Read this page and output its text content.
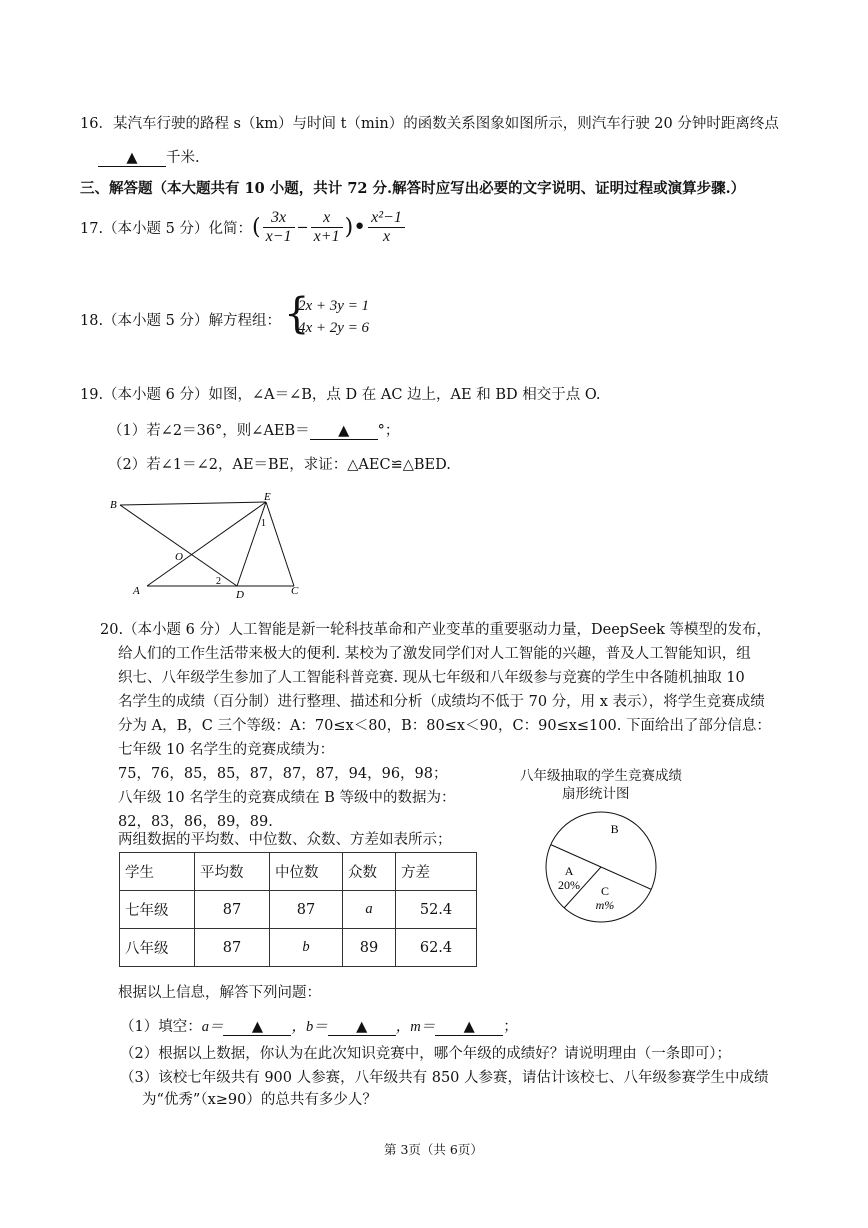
16．某汽车行驶的路程 s（km）与时间 t（min）的函数关系图象如图所示，则汽车行驶 20 分钟时距离终点
▲ 千米.
三、解答题（本大题共有 10 小题，共计 72 分.解答时应写出必要的文字说明、证明过程或演算步骤.）
17.（本小题 5 分）化简： ( $\frac{3x}{x-1} - \frac{x}{x+1}$ )• $\frac{\text{x²−1}}{x}$
18.（本小题 5 分）解方程组： {
2x + 3y = 1
4x + 2y = 6
19.（本小题 6 分）如图，∠A＝∠B，点 D 在 AC 边上，AE 和 BD 相交于点 O.
（1）若∠2＝36°，则∠AEB＝ ▲ °；
（2）若∠1＝∠2，AE＝BE，求证：△AEC≌△BED.
B
E
A	D	C
O
1
2
20.（本小题 6 分）人工智能是新一轮科技革命和产业变革的重要驱动力量，DeepSeek 等模型的发布，
给人们的工作生活带来极大的便利. 某校为了激发同学们对人工智能的兴趣，普及人工智能知识，组
织七、八年级学生参加了人工智能科普竞赛. 现从七年级和八年级参与竞赛的学生中各随机抽取 10
名学生的成绩（百分制）进行整理、描述和分析（成绩均不低于 70 分，用 x 表示），将学生竞赛成绩
分为 A，B，C 三个等级：A：70≤x＜80，B：80≤x＜90，C：90≤x≤100. 下面给出了部分信息：
七年级 10 名学生的竞赛成绩为：
75，76，85，85，87，87，87，94，96，98；
八年级 10 名学生的竞赛成绩在 B 等级中的数据为：
82，83，86，89，89.
两组数据的平均数、中位数、众数、方差如表所示；
学生	平均数	中位数	众数	方差
七年级	87	87	a	52.4
八年级	87	b	89	62.4
八年级抽取的学生竞赛成绩
扇形统计图
A
20%
B
C
m%
根据以上信息，解答下列问题：
（1）填空：a＝ ▲ ，b＝ ▲ ，m＝ ▲ ；
（2）根据以上数据，你认为在此次知识竞赛中，哪个年级的成绩好？请说明理由（一条即可）；
（3）该校七年级共有 900 人参赛，八年级共有 850 人参赛，请估计该校七、八年级参赛学生中成绩
为“优秀”（x≥90）的总共有多少人？
第 3页（共 6页）
